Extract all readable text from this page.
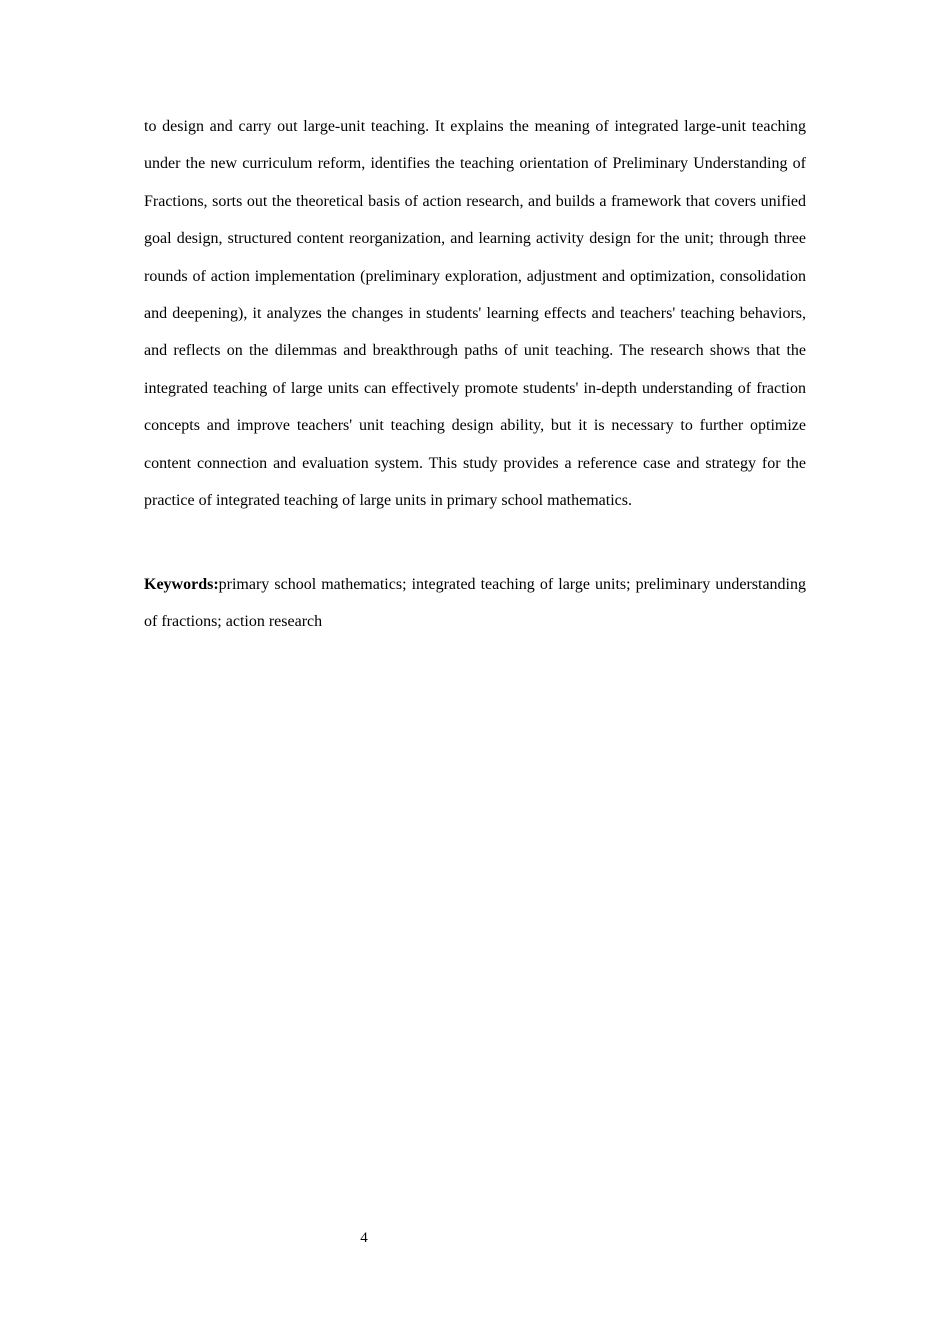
to design and carry out large-unit teaching. It explains the meaning of integrated large-unit teaching under the new curriculum reform, identifies the teaching orientation of Preliminary Understanding of Fractions, sorts out the theoretical basis of action research, and builds a framework that covers unified goal design, structured content reorganization, and learning activity design for the unit; through three rounds of action implementation (preliminary exploration, adjustment and optimization, consolidation and deepening), it analyzes the changes in students' learning effects and teachers' teaching behaviors, and reflects on the dilemmas and breakthrough paths of unit teaching. The research shows that the integrated teaching of large units can effectively promote students' in-depth understanding of fraction concepts and improve teachers' unit teaching design ability, but it is necessary to further optimize content connection and evaluation system. This study provides a reference case and strategy for the practice of integrated teaching of large units in primary school mathematics.

Keywords:primary school mathematics; integrated teaching of large units; preliminary understanding of fractions; action research

4
